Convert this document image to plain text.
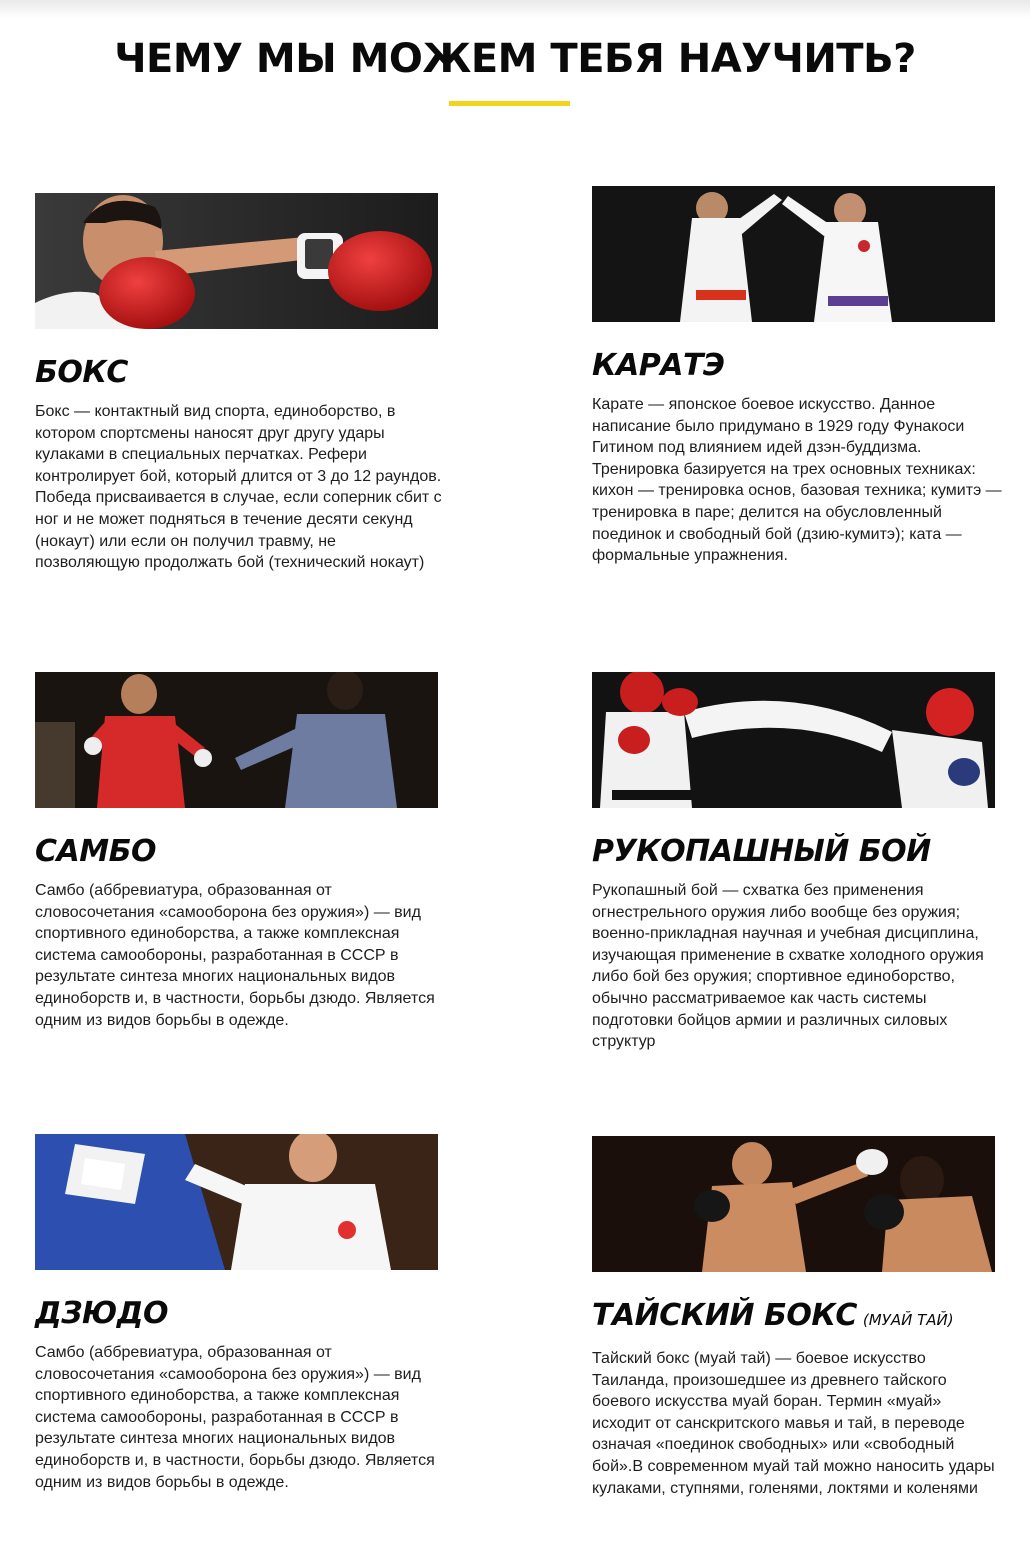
ЧЕМУ МЫ МОЖЕМ ТЕБЯ НАУЧИТЬ?
БОКС

Бокс — контактный вид спорта, единоборство, в котором спортсмены наносят друг другу удары кулаками в специальных перчатках. Рефери контролирует бой, который длится от 3 до 12 раундов. Победа присваивается в случае, если соперник сбит с ног и не может подняться в течение десяти секунд (нокаут) или если он получил травму, не позволяющую продолжать бой (технический нокаут)

КАРАТЭ

Карате — японское боевое искусство. Данное написание было придумано в 1929 году Фунакоси Гитином под влиянием идей дзэн-буддизма. Тренировка базируется на трех основных техниках: кихон — тренировка основ, базовая техника; кумитэ — тренировка в паре; делится на обусловленный поединок и свободный бой (дзию-кумитэ); ката — формальные упражнения.

САМБО

Самбо (аббревиатура, образованная от словосочетания «самооборона без оружия») — вид спортивного единоборства, а также комплексная система самообороны, разработанная в СССР в результате синтеза многих национальных видов единоборств и, в частности, борьбы дзюдо. Является одним из видов борьбы в одежде.

РУКОПАШНЫЙ БОЙ

Рукопашный бой — схватка без применения огнестрельного оружия либо вообще без оружия; военно-прикладная научная и учебная дисциплина, изучающая применение в схватке холодного оружия либо бой без оружия; спортивное единоборство, обычно рассматриваемое как часть системы подготовки бойцов армии и различных силовых структур

ДЗЮДО

Самбо (аббревиатура, образованная от словосочетания «самооборона без оружия») — вид спортивного единоборства, а также комплексная система самообороны, разработанная в СССР в результате синтеза многих национальных видов единоборств и, в частности, борьбы дзюдо. Является одним из видов борьбы в одежде.

ТАЙСКИЙ БОКС (МУАЙ ТАЙ)

Тайский бокс (муай тай) — боевое искусство Таиланда, произошедшее из древнего тайского боевого искусства муай боран. Термин «муай» исходит от санскритского мавья и тай, в переводе означая «поединок свободных» или «свободный бой».В современном муай тай можно наносить удары кулаками, ступнями, голенями, локтями и коленями
